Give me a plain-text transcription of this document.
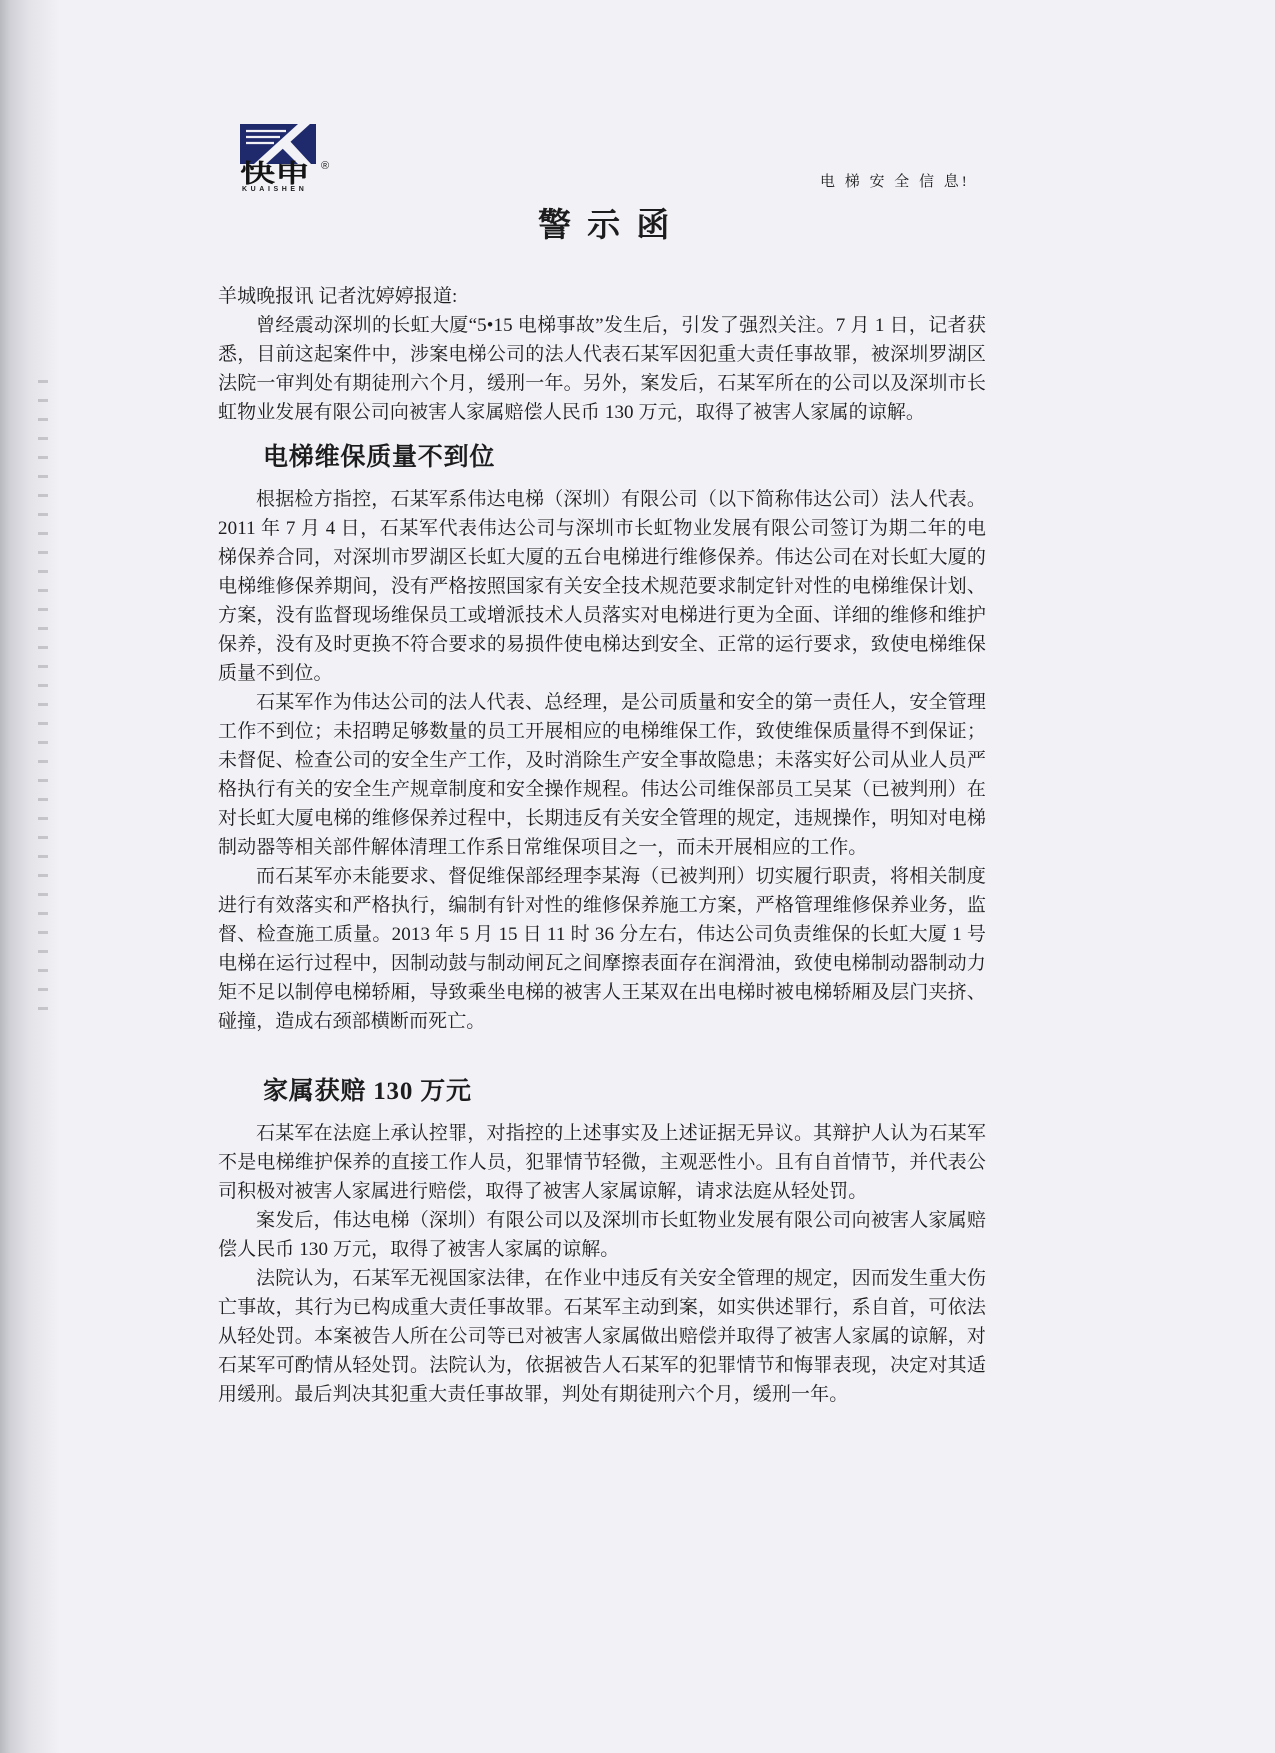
快申 ®
KUAISHEN	电 梯 安 全 信 息!
警 示 函

羊城晚报讯 记者沈婷婷报道:

曾经震动深圳的长虹大厦“5•15 电梯事故”发生后，引发了强烈关注。7 月 1 日，记者获悉，目前这起案件中，涉案电梯公司的法人代表石某军因犯重大责任事故罪，被深圳罗湖区法院一审判处有期徒刑六个月，缓刑一年。另外，案发后，石某军所在的公司以及深圳市长虹物业发展有限公司向被害人家属赔偿人民币 130 万元，取得了被害人家属的谅解。

电梯维保质量不到位

根据检方指控，石某军系伟达电梯（深圳）有限公司（以下简称伟达公司）法人代表。2011 年 7 月 4 日，石某军代表伟达公司与深圳市长虹物业发展有限公司签订为期二年的电梯保养合同，对深圳市罗湖区长虹大厦的五台电梯进行维修保养。伟达公司在对长虹大厦的电梯维修保养期间，没有严格按照国家有关安全技术规范要求制定针对性的电梯维保计划、方案，没有监督现场维保员工或增派技术人员落实对电梯进行更为全面、详细的维修和维护保养，没有及时更换不符合要求的易损件使电梯达到安全、正常的运行要求，致使电梯维保质量不到位。

石某军作为伟达公司的法人代表、总经理，是公司质量和安全的第一责任人，安全管理工作不到位；未招聘足够数量的员工开展相应的电梯维保工作，致使维保质量得不到保证；未督促、检查公司的安全生产工作，及时消除生产安全事故隐患；未落实好公司从业人员严格执行有关的安全生产规章制度和安全操作规程。伟达公司维保部员工吴某（已被判刑）在对长虹大厦电梯的维修保养过程中，长期违反有关安全管理的规定，违规操作，明知对电梯制动器等相关部件解体清理工作系日常维保项目之一，而未开展相应的工作。

而石某军亦未能要求、督促维保部经理李某海（已被判刑）切实履行职责，将相关制度进行有效落实和严格执行，编制有针对性的维修保养施工方案，严格管理维修保养业务，监督、检查施工质量。2013 年 5 月 15 日 11 时 36 分左右，伟达公司负责维保的长虹大厦 1 号电梯在运行过程中，因制动鼓与制动闸瓦之间摩擦表面存在润滑油，致使电梯制动器制动力矩不足以制停电梯轿厢，导致乘坐电梯的被害人王某双在出电梯时被电梯轿厢及层门夹挤、碰撞，造成右颈部横断而死亡。

家属获赔 130 万元

石某军在法庭上承认控罪，对指控的上述事实及上述证据无异议。其辩护人认为石某军不是电梯维护保养的直接工作人员，犯罪情节轻微，主观恶性小。且有自首情节，并代表公司积极对被害人家属进行赔偿，取得了被害人家属谅解，请求法庭从轻处罚。

案发后，伟达电梯（深圳）有限公司以及深圳市长虹物业发展有限公司向被害人家属赔偿人民币 130 万元，取得了被害人家属的谅解。

法院认为，石某军无视国家法律，在作业中违反有关安全管理的规定，因而发生重大伤亡事故，其行为已构成重大责任事故罪。石某军主动到案，如实供述罪行，系自首，可依法从轻处罚。本案被告人所在公司等已对被害人家属做出赔偿并取得了被害人家属的谅解，对石某军可酌情从轻处罚。法院认为，依据被告人石某军的犯罪情节和悔罪表现，决定对其适用缓刑。最后判决其犯重大责任事故罪，判处有期徒刑六个月，缓刑一年。
